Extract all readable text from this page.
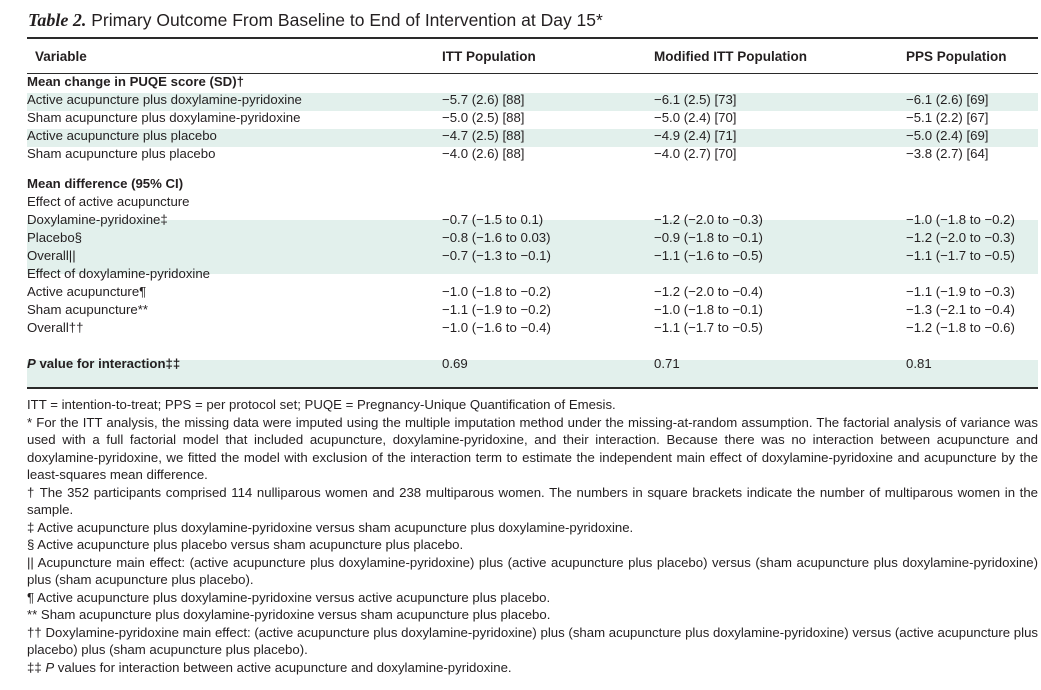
Table 2. Primary Outcome From Baseline to End of Intervention at Day 15*
Variable	ITT Population	Modified ITT Population	PPS Population
Mean change in PUQE score (SD)†			
Active acupuncture plus doxylamine-pyridoxine	−5.7 (2.6) [88]	−6.1 (2.5) [73]	−6.1 (2.6) [69]
Sham acupuncture plus doxylamine-pyridoxine	−5.0 (2.5) [88]	−5.0 (2.4) [70]	−5.1 (2.2) [67]
Active acupuncture plus placebo	−4.7 (2.5) [88]	−4.9 (2.4) [71]	−5.0 (2.4) [69]
Sham acupuncture plus placebo	−4.0 (2.6) [88]	−4.0 (2.7) [70]	−3.8 (2.7) [64]

Mean difference (95% CI)			
Effect of active acupuncture			
Doxylamine-pyridoxine‡	−0.7 (−1.5 to 0.1)	−1.2 (−2.0 to −0.3)	−1.0 (−1.8 to −0.2)
Placebo§	−0.8 (−1.6 to 0.03)	−0.9 (−1.8 to −0.1)	−1.2 (−2.0 to −0.3)
Overall||	−0.7 (−1.3 to −0.1)	−1.1 (−1.6 to −0.5)	−1.1 (−1.7 to −0.5)
Effect of doxylamine-pyridoxine			
Active acupuncture¶	−1.0 (−1.8 to −0.2)	−1.2 (−2.0 to −0.4)	−1.1 (−1.9 to −0.3)
Sham acupuncture**	−1.1 (−1.9 to −0.2)	−1.0 (−1.8 to −0.1)	−1.3 (−2.1 to −0.4)
Overall††	−1.0 (−1.6 to −0.4)	−1.1 (−1.7 to −0.5)	−1.2 (−1.8 to −0.6)

P value for interaction‡‡	0.69	0.71	0.81

ITT = intention-to-treat; PPS = per protocol set; PUQE = Pregnancy-Unique Quantification of Emesis.

* For the ITT analysis, the missing data were imputed using the multiple imputation method under the missing-at-random assumption. The factorial analysis of variance was used with a full factorial model that included acupuncture, doxylamine-pyridoxine, and their interaction. Because there was no interaction between acupuncture and doxylamine-pyridoxine, we fitted the model with exclusion of the interaction term to estimate the independent main effect of doxylamine-pyridoxine and acupuncture by the least-squares mean difference.

† The 352 participants comprised 114 nulliparous women and 238 multiparous women. The numbers in square brackets indicate the number of multiparous women in the sample.

‡ Active acupuncture plus doxylamine-pyridoxine versus sham acupuncture plus doxylamine-pyridoxine.

§ Active acupuncture plus placebo versus sham acupuncture plus placebo.

|| Acupuncture main effect: (active acupuncture plus doxylamine-pyridoxine) plus (active acupuncture plus placebo) versus (sham acupuncture plus doxylamine-pyridoxine) plus (sham acupuncture plus placebo).

¶ Active acupuncture plus doxylamine-pyridoxine versus active acupuncture plus placebo.

** Sham acupuncture plus doxylamine-pyridoxine versus sham acupuncture plus placebo.

†† Doxylamine-pyridoxine main effect: (active acupuncture plus doxylamine-pyridoxine) plus (sham acupuncture plus doxylamine-pyridoxine) versus (active acupuncture plus placebo) plus (sham acupuncture plus placebo).

‡‡ P values for interaction between active acupuncture and doxylamine-pyridoxine.
